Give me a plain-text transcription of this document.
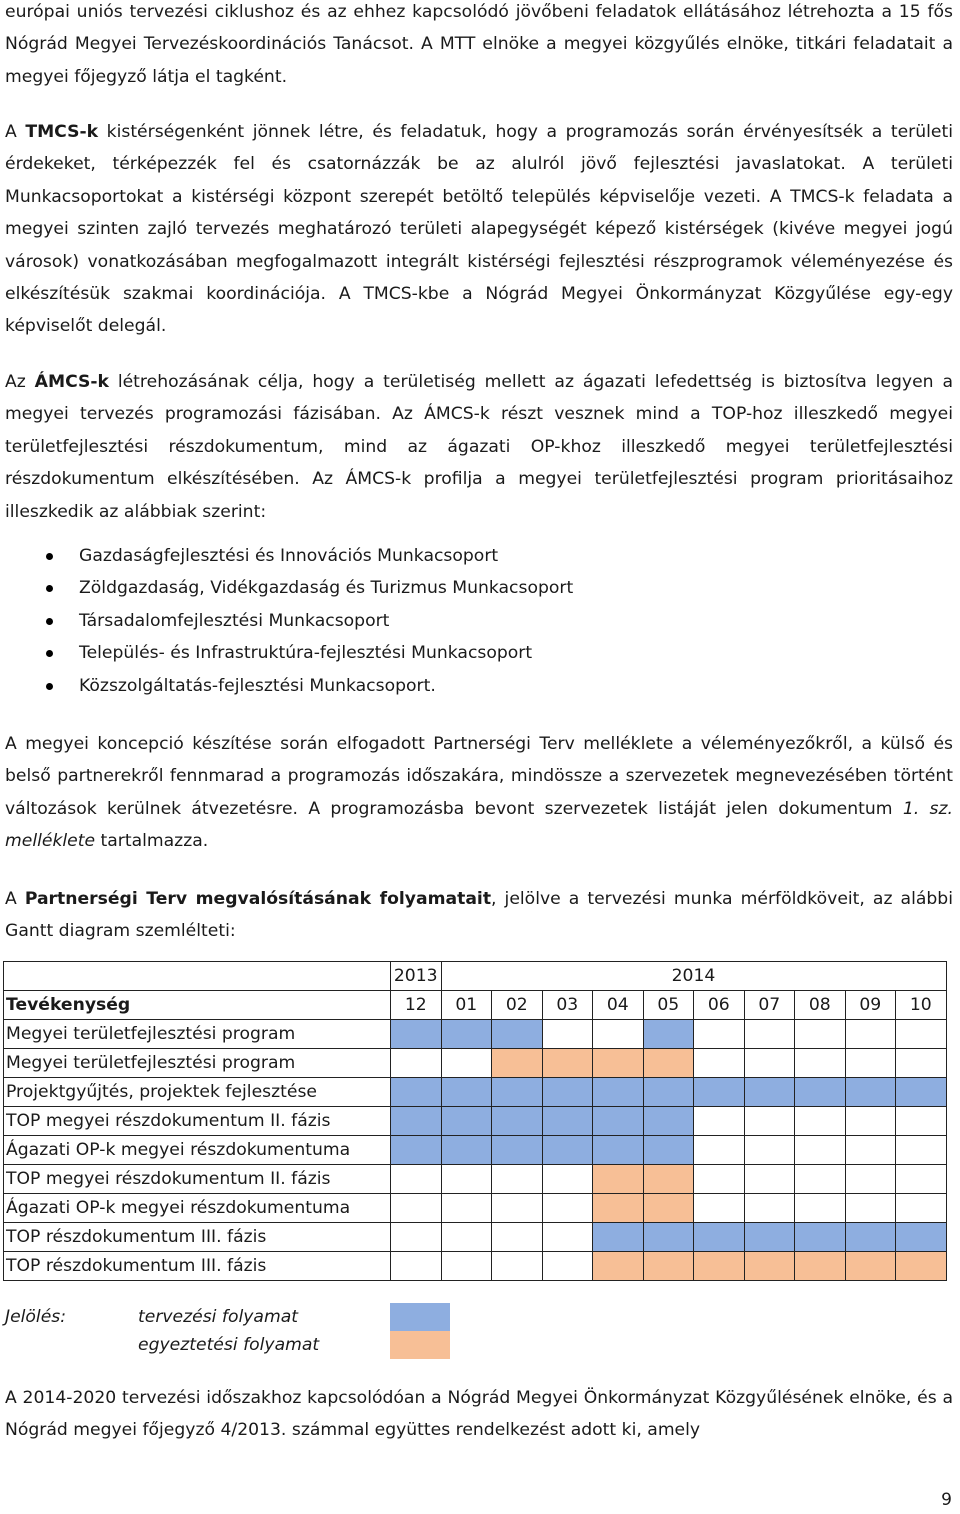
európai uniós tervezési ciklushoz és az ehhez kapcsolódó jövőbeni feladatok ellátásához létrehozta a 15 fős Nógrád Megyei Tervezéskoordinációs Tanácsot. A MTT elnöke a megyei közgyűlés elnöke, titkári feladatait a megyei főjegyző látja el tagként.

A TMCS-k kistérségenként jönnek létre, és feladatuk, hogy a programozás során érvényesítsék a területi érdekeket, térképezzék fel és csatornázzák be az alulról jövő fejlesztési javaslatokat. A területi Munkacsoportokat a kistérségi központ szerepét betöltő település képviselője vezeti. A TMCS-k feladata a megyei szinten zajló tervezés meghatározó területi alapegységét képező kistérségek (kivéve megyei jogú városok) vonatkozásában megfogalmazott integrált kistérségi fejlesztési részprogramok véleményezése és elkészítésük szakmai koordinációja. A TMCS-kbe a Nógrád Megyei Önkormányzat Közgyűlése egy-egy képviselőt delegál.

Az ÁMCS-k létrehozásának célja, hogy a területiség mellett az ágazati lefedettség is biztosítva legyen a megyei tervezés programozási fázisában. Az ÁMCS-k részt vesznek mind a TOP-hoz illeszkedő megyei területfejlesztési részdokumentum, mind az ágazati OP-khoz illeszkedő megyei területfejlesztési részdokumentum elkészítésében. Az ÁMCS-k profilja a megyei területfejlesztési program prioritásaihoz illeszkedik az alábbiak szerint:

Gazdaságfejlesztési és Innovációs Munkacsoport
Zöldgazdaság, Vidékgazdaság és Turizmus Munkacsoport
Társadalomfejlesztési Munkacsoport
Település- és Infrastruktúra-fejlesztési Munkacsoport
Közszolgáltatás-fejlesztési Munkacsoport.

A megyei koncepció készítése során elfogadott Partnerségi Terv melléklete a véleményezőkről, a külső és belső partnerekről fennmarad a programozás időszakára, mindössze a szervezetek megnevezésében történt változások kerülnek átvezetésre. A programozásba bevont szervezetek listáját jelen dokumentum 1. sz. melléklete tartalmazza.

A Partnerségi Terv megvalósításának folyamatait, jelölve a tervezési munka mérföldköveit, az alábbi Gantt diagram szemlélteti:

	2013	2014									
Tevékenység	12	01	02	03	04	05	06	07	08	09	10
Megyei területfejlesztési program											
Megyei területfejlesztési program											
Projektgyűjtés, projektek fejlesztése											
TOP megyei részdokumentum II. fázis											
Ágazati OP-k megyei részdokumentuma											
TOP megyei részdokumentum II. fázis											
Ágazati OP-k megyei részdokumentuma											
TOP részdokumentum III. fázis											
TOP részdokumentum III. fázis											
Jelölés:	tervezési folyamat
egyeztetési folyamat

A 2014-2020 tervezési időszakhoz kapcsolódóan a Nógrád Megyei Önkormányzat Közgyűlésének elnöke, és a Nógrád megyei főjegyző 4/2013. számmal együttes rendelkezést adott ki, amely

9
